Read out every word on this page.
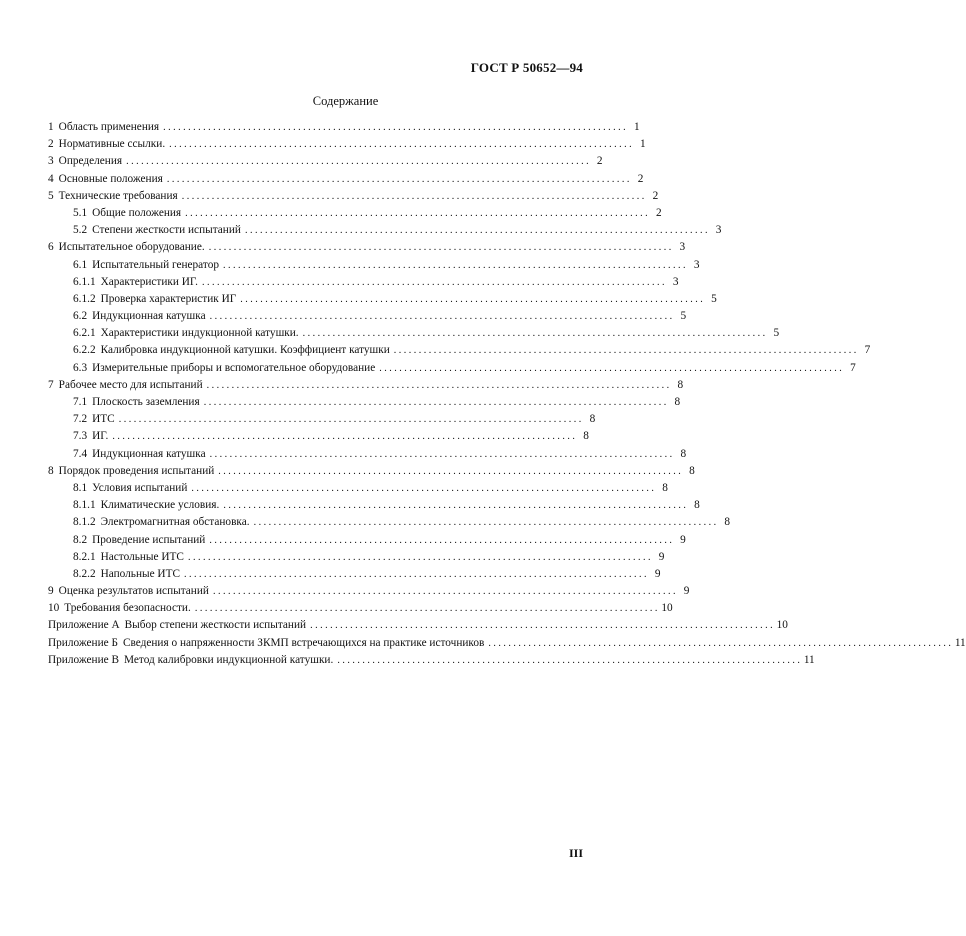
ГОСТ Р 50652—94
Содержание
1 Область применения . . .	1
2 Нормативные ссылки. . . .	1
3 Определения . . .	2
4 Основные положения . . .	2
5 Технические требования . . .	2
5.1 Общие положения . . .	2
5.2 Степени жесткости испытаний . . .	3
6 Испытательное оборудование. . . .	3
6.1 Испытательный генератор . . .	3
6.1.1 Характеристики ИГ. . . .	3
6.1.2 Проверка характеристик ИГ . . .	5
6.2 Индукционная катушка . . .	5
6.2.1 Характеристики индукционной катушки. . . .	5
6.2.2 Калибровка индукционной катушки. Коэффициент катушки . . .	7
6.3 Измерительные приборы и вспомогательное оборудование . . .	7
7 Рабочее место для испытаний . . .	8
7.1 Плоскость заземления . . .	8
7.2 ИТС . . .	8
7.3 ИГ. . . .	8
7.4 Индукционная катушка . . .	8
8 Порядок проведения испытаний . . .	8
8.1 Условия испытаний . . .	8
8.1.1 Климатические условия. . . .	8
8.1.2 Электромагнитная обстановка. . . .	8
8.2 Проведение испытаний . . .	9
8.2.1 Настольные ИТС . . .	9
8.2.2 Напольные ИТС . . .	9
9 Оценка результатов испытаний . . .	9
10 Требования безопасности. . . .	10
Приложение А Выбор степени жесткости испытаний . . .	10
Приложение Б Сведения о напряженности ЗКМП встречающихся на практике источников . . .	11
Приложение В Метод калибровки индукционной катушки. . . .	11
III
